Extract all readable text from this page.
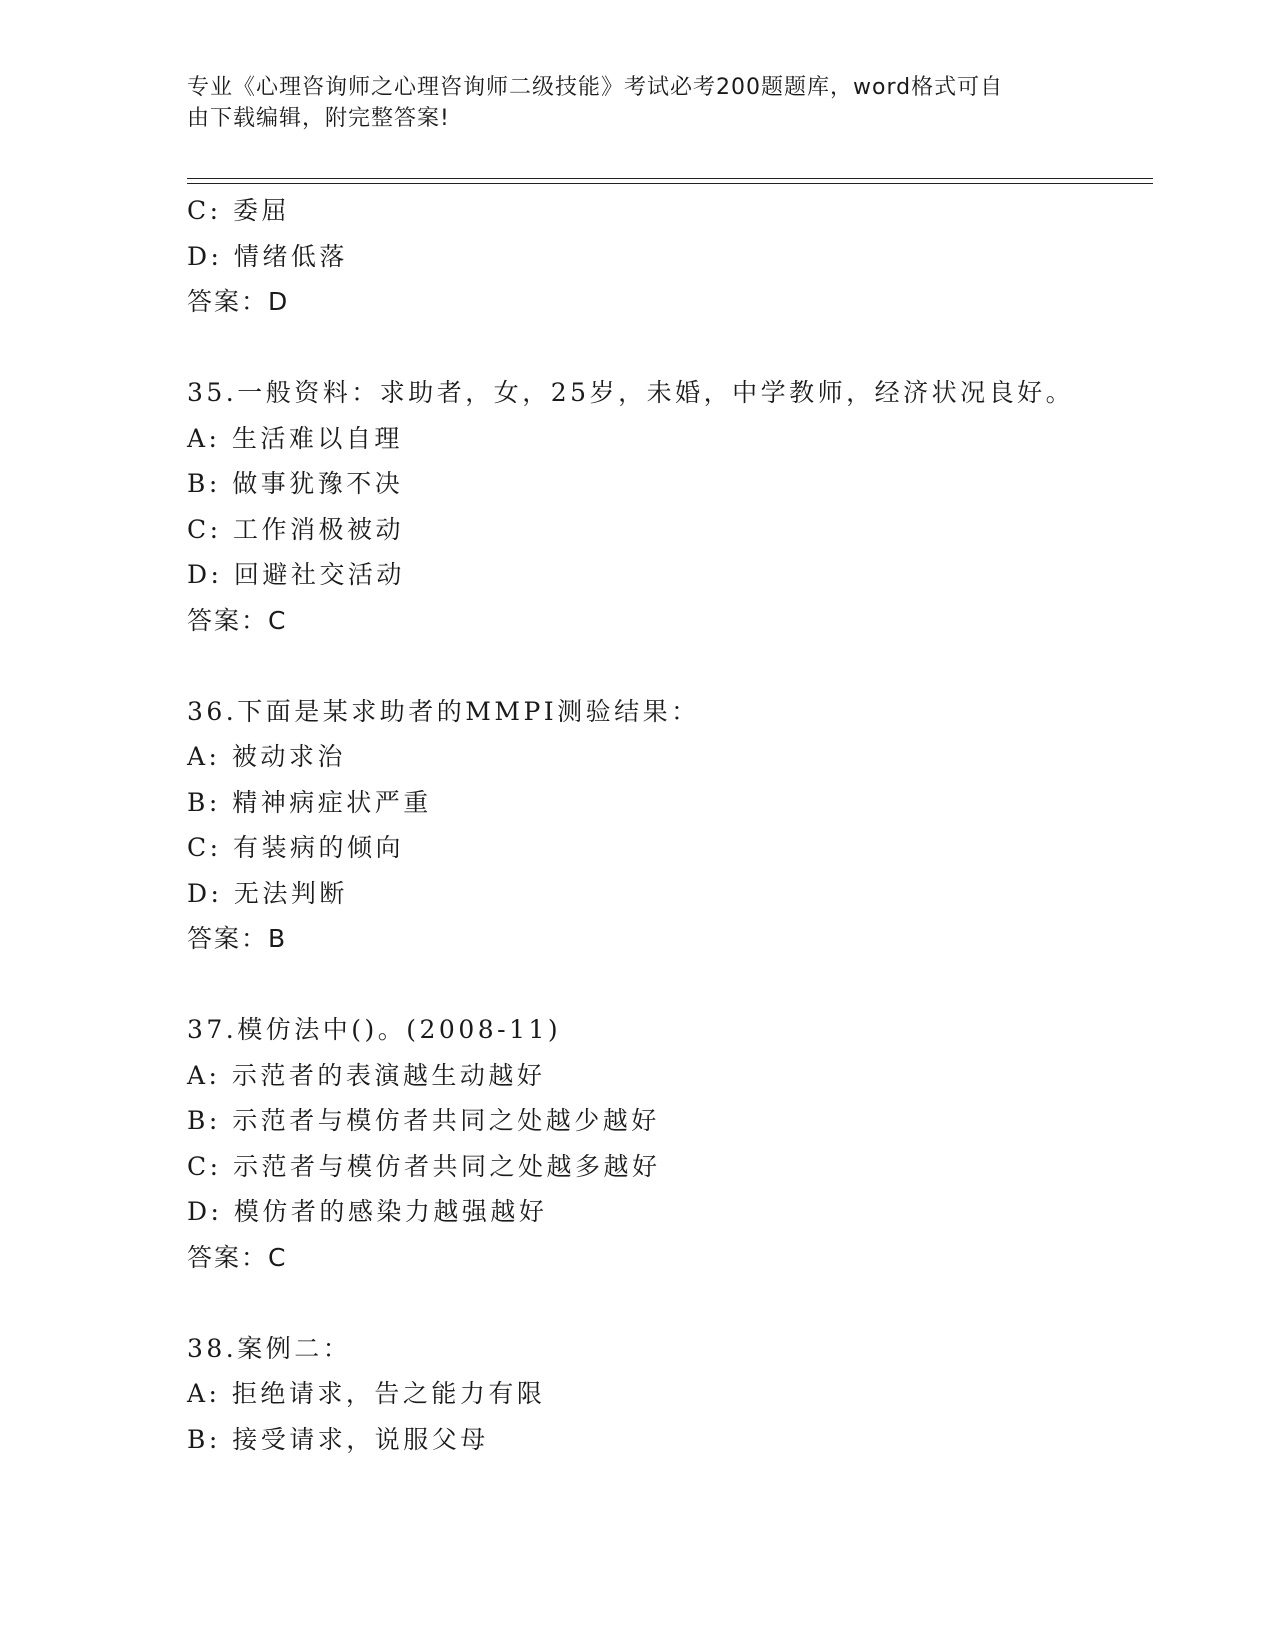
专业《心理咨询师之心理咨询师二级技能》考试必考200题题库，word格式可自
由下载编辑，附完整答案!
C: 委屈
D: 情绪低落
答案：D
35.一般资料：求助者，女，25岁，未婚，中学教师，经济状况良好。
A: 生活难以自理
B: 做事犹豫不决
C: 工作消极被动
D: 回避社交活动
答案：C
36.下面是某求助者的MMPI测验结果：
A: 被动求治
B: 精神病症状严重
C: 有装病的倾向
D: 无法判断
答案：B
37.模仿法中()。(2008-11)
A: 示范者的表演越生动越好
B: 示范者与模仿者共同之处越少越好
C: 示范者与模仿者共同之处越多越好
D: 模仿者的感染力越强越好
答案：C
38.案例二：
A: 拒绝请求，告之能力有限
B: 接受请求，说服父母
